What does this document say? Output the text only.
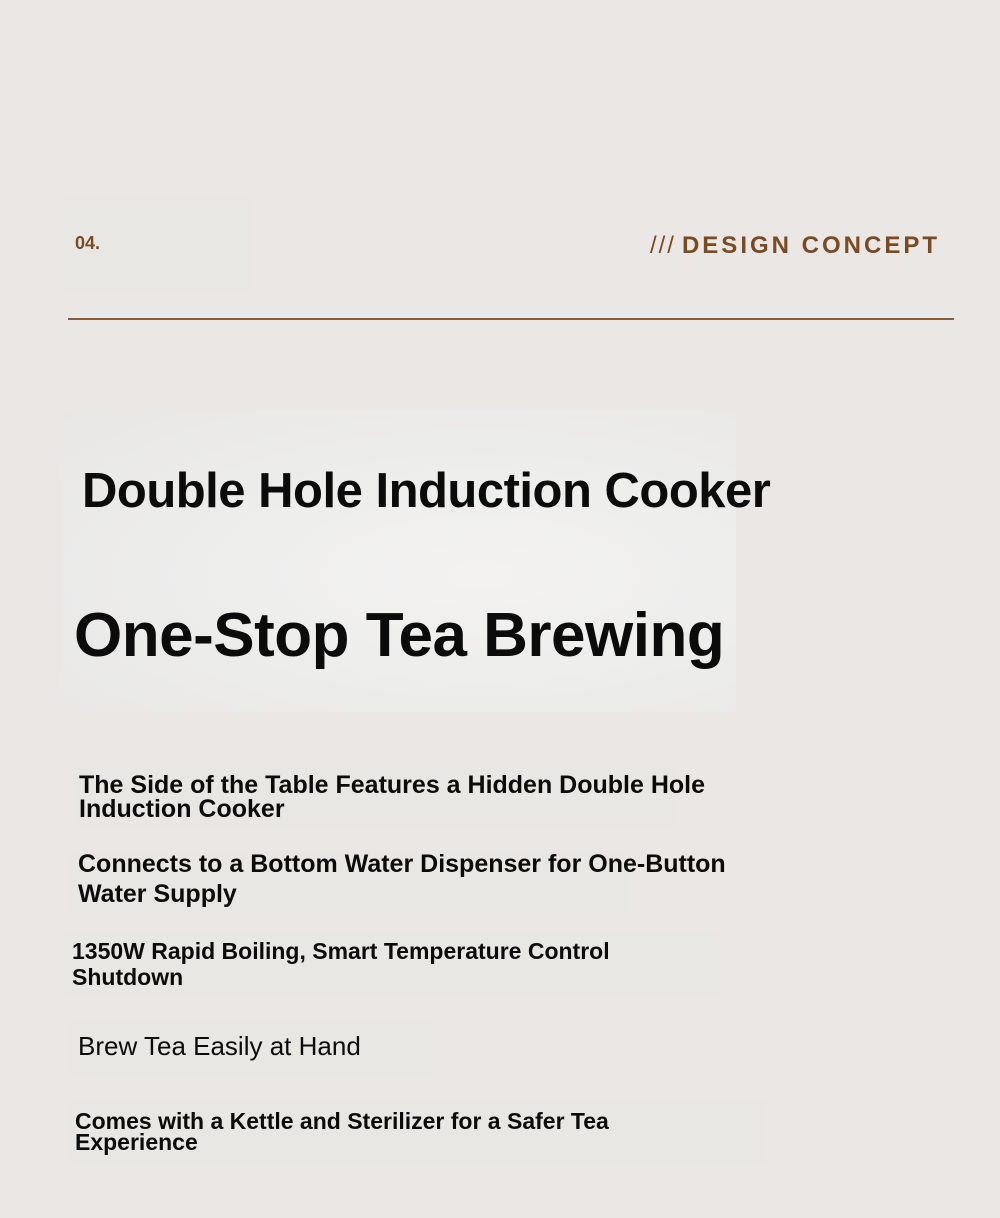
04.	/// DESIGN CONCEPT
Double Hole Induction Cooker
One-Stop Tea Brewing
The Side of the Table Features a Hidden Double Hole Induction Cooker
Connects to a Bottom Water Dispenser for One-Button Water Supply
1350W Rapid Boiling, Smart Temperature Control Shutdown
Brew Tea Easily at Hand
Comes with a Kettle and Sterilizer for a Safer Tea Experience
